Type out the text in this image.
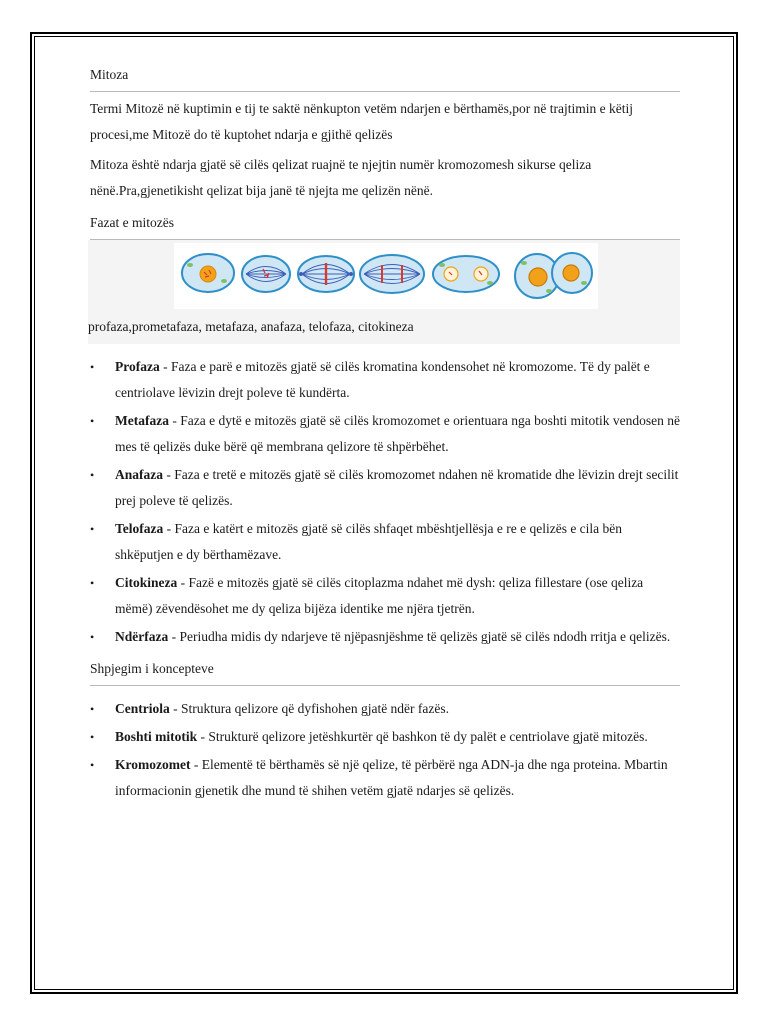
Mitoza

Termi Mitozë në kuptimin e tij te saktë nënkupton vetëm ndarjen e bërthamës,por në trajtimin e këtij procesi,me Mitozë do të kuptohet ndarja e gjithë qelizës

Mitoza është ndarja gjatë së cilës qelizat ruajnë te njejtin numër kromozomesh sikurse qeliza nënë.Pra,gjenetikisht qelizat bija janë të njejta me qelizën nënë.

Fazat e mitozës
profaza,prometafaza, metafaza, anafaza, telofaza, citokineza
• Profaza - Faza e parë e mitozës gjatë së cilës kromatina kondensohet në kromozome. Të dy palët e centriolave lëvizin drejt poleve të kundërta.
• Metafaza - Faza e dytë e mitozës gjatë së cilës kromozomet e orientuara nga boshti mitotik vendosen në mes të qelizës duke bërë që membrana qelizore të shpërbëhet.
• Anafaza - Faza e tretë e mitozës gjatë së cilës kromozomet ndahen në kromatide dhe lëvizin drejt secilit prej poleve të qelizës.
• Telofaza - Faza e katërt e mitozës gjatë së cilës shfaqet mbështjellësja e re e qelizës e cila bën shkëputjen e dy bërthamëzave.
• Citokineza - Fazë e mitozës gjatë së cilës citoplazma ndahet më dysh: qeliza fillestare (ose qeliza mëmë) zëvendësohet me dy qeliza bijëza identike me njëra tjetrën.
• Ndërfaza - Periudha midis dy ndarjeve të njëpasnjëshme të qelizës gjatë së cilës ndodh rritja e qelizës.
Shpjegim i koncepteve
• Centriola - Struktura qelizore që dyfishohen gjatë ndër fazës.
• Boshti mitotik - Strukturë qelizore jetëshkurtër që bashkon të dy palët e centriolave gjatë mitozës.
• Kromozomet - Elementë të bërthamës së një qelize, të përbërë nga ADN-ja dhe nga proteina. Mbartin informacionin gjenetik dhe mund të shihen vetëm gjatë ndarjes së qelizës.
